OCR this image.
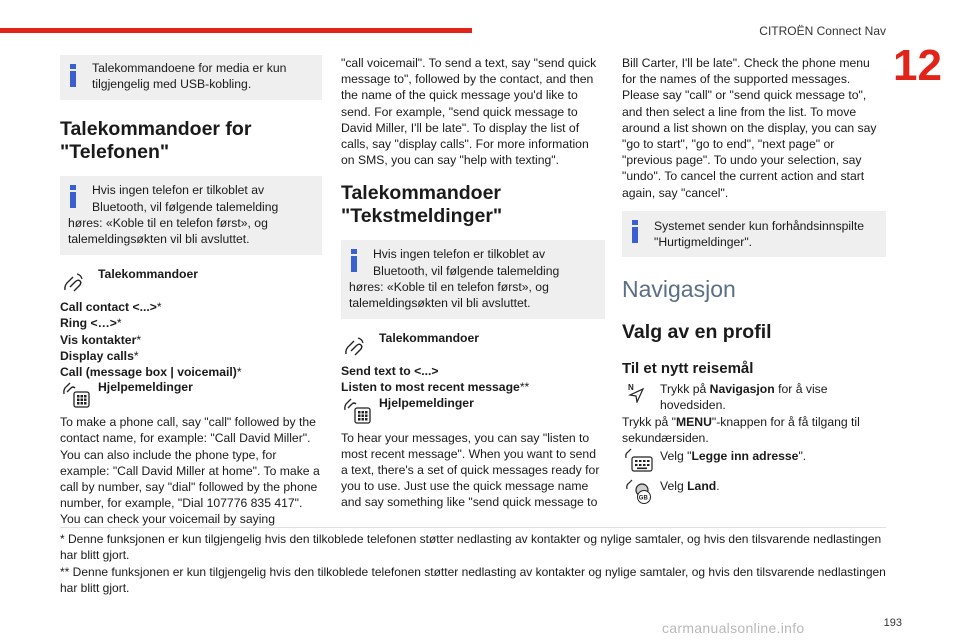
CITROËN Connect Nav
12
Talekommandoene for media er kun tilgjengelig med USB-kobling.
Talekommandoer for "Telefonen"
Hvis ingen telefon er tilkoblet av Bluetooth, vil følgende talemelding
høres: «Koble til en telefon først», og talemeldingsøkten vil bli avsluttet.
Talekommandoer
Call contact <...>*
Ring <…>*
Vis kontakter*
Display calls*
Call (message box | voicemail)*
Hjelpemeldinger

To make a phone call, say "call" followed by the contact name, for example: "Call David Miller". You can also include the phone type, for example: "Call David Miller at home". To make a call by number, say "dial" followed by the phone number, for example, "Dial 107776 835 417". You can check your voicemail by saying

"call voicemail". To send a text, say "send quick message to", followed by the contact, and then the name of the quick message you'd like to send. For example, "send quick message to David Miller, I'll be late". To display the list of calls, say "display calls". For more information on SMS, you can say "help with texting".

Talekommandoer "Tekstmeldinger"
Hvis ingen telefon er tilkoblet av Bluetooth, vil følgende talemelding
høres: «Koble til en telefon først», og talemeldingsøkten vil bli avsluttet.
Talekommandoer
Send text to <...>
Listen to most recent message**
Hjelpemeldinger

To hear your messages, you can say "listen to most recent message". When you want to send a text, there's a set of quick messages ready for you to use. Just use the quick message name and say something like "send quick message to

Bill Carter, I'll be late". Check the phone menu for the names of the supported messages. Please say "call" or "send quick message to", and then select a line from the list. To move around a list shown on the display, you can say "go to start", "go to end", "next page" or "previous page". To undo your selection, say "undo". To cancel the current action and start again, say "cancel".

Systemet sender kun forhåndsinnspilte "Hurtigmeldinger".
Navigasjon
Valg av en profil
Til et nytt reisemål
N Trykk på Navigasjon for å vise hovedsiden.

Trykk på "MENU"-knappen for å få tilgang til sekundærsiden.

Velg "Legge inn adresse".
GB
Velg Land.
* Denne funksjonen er kun tilgjengelig hvis den tilkoblede telefonen støtter nedlasting av kontakter og nylige samtaler, og hvis den tilsvarende nedlastingen har blitt gjort.
** Denne funksjonen er kun tilgjengelig hvis den tilkoblede telefonen støtter nedlasting av kontakter og nylige samtaler, og hvis den tilsvarende nedlastingen har blitt gjort.
carmanualsonline.info	193
